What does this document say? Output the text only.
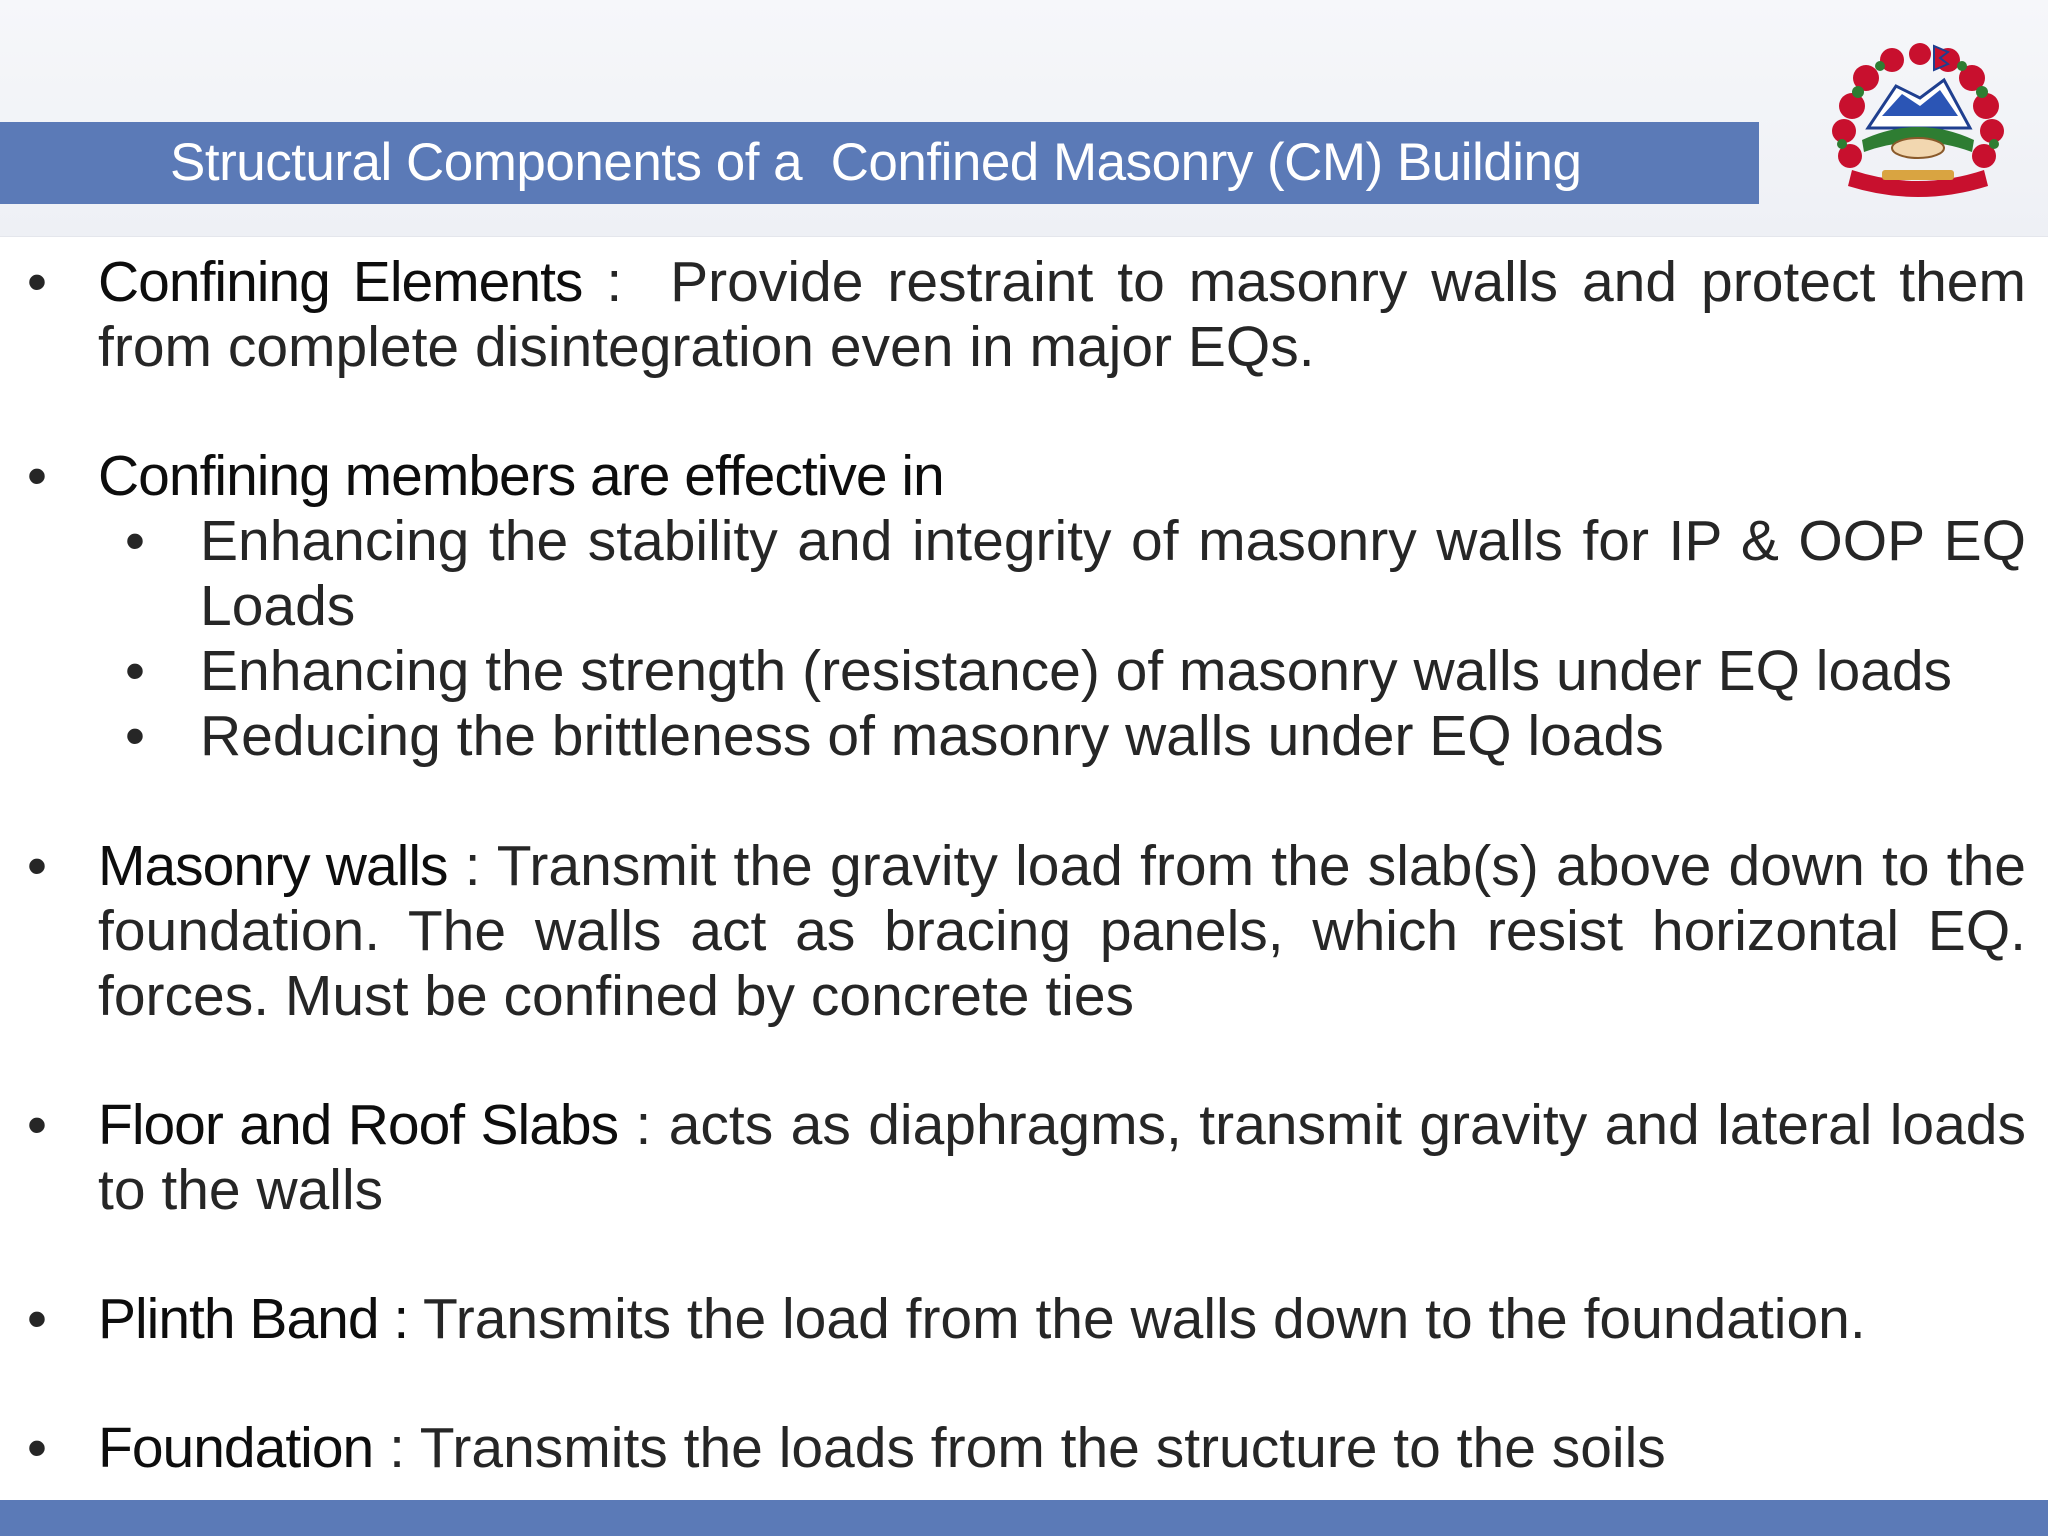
Structural Components of a  Confined Masonry (CM) Building
• Confining Elements :  Provide restraint to masonry walls and protect them from complete disintegration even in major EQs.
• Confining members are effective in
• Enhancing the stability and integrity of masonry walls for IP & OOP EQ Loads
• Enhancing the strength (resistance) of masonry walls under EQ loads
• Reducing the brittleness of masonry walls under EQ loads
• Masonry walls : Transmit the gravity load from the slab(s) above down to the foundation. The walls act as bracing panels, which resist horizontal EQ. forces. Must be confined by concrete ties
• Floor and Roof Slabs : acts as diaphragms, transmit gravity and lateral loads to the walls
• Plinth Band : Transmits the load from the walls down to the foundation.
• Foundation : Transmits the loads from the structure to the soils
